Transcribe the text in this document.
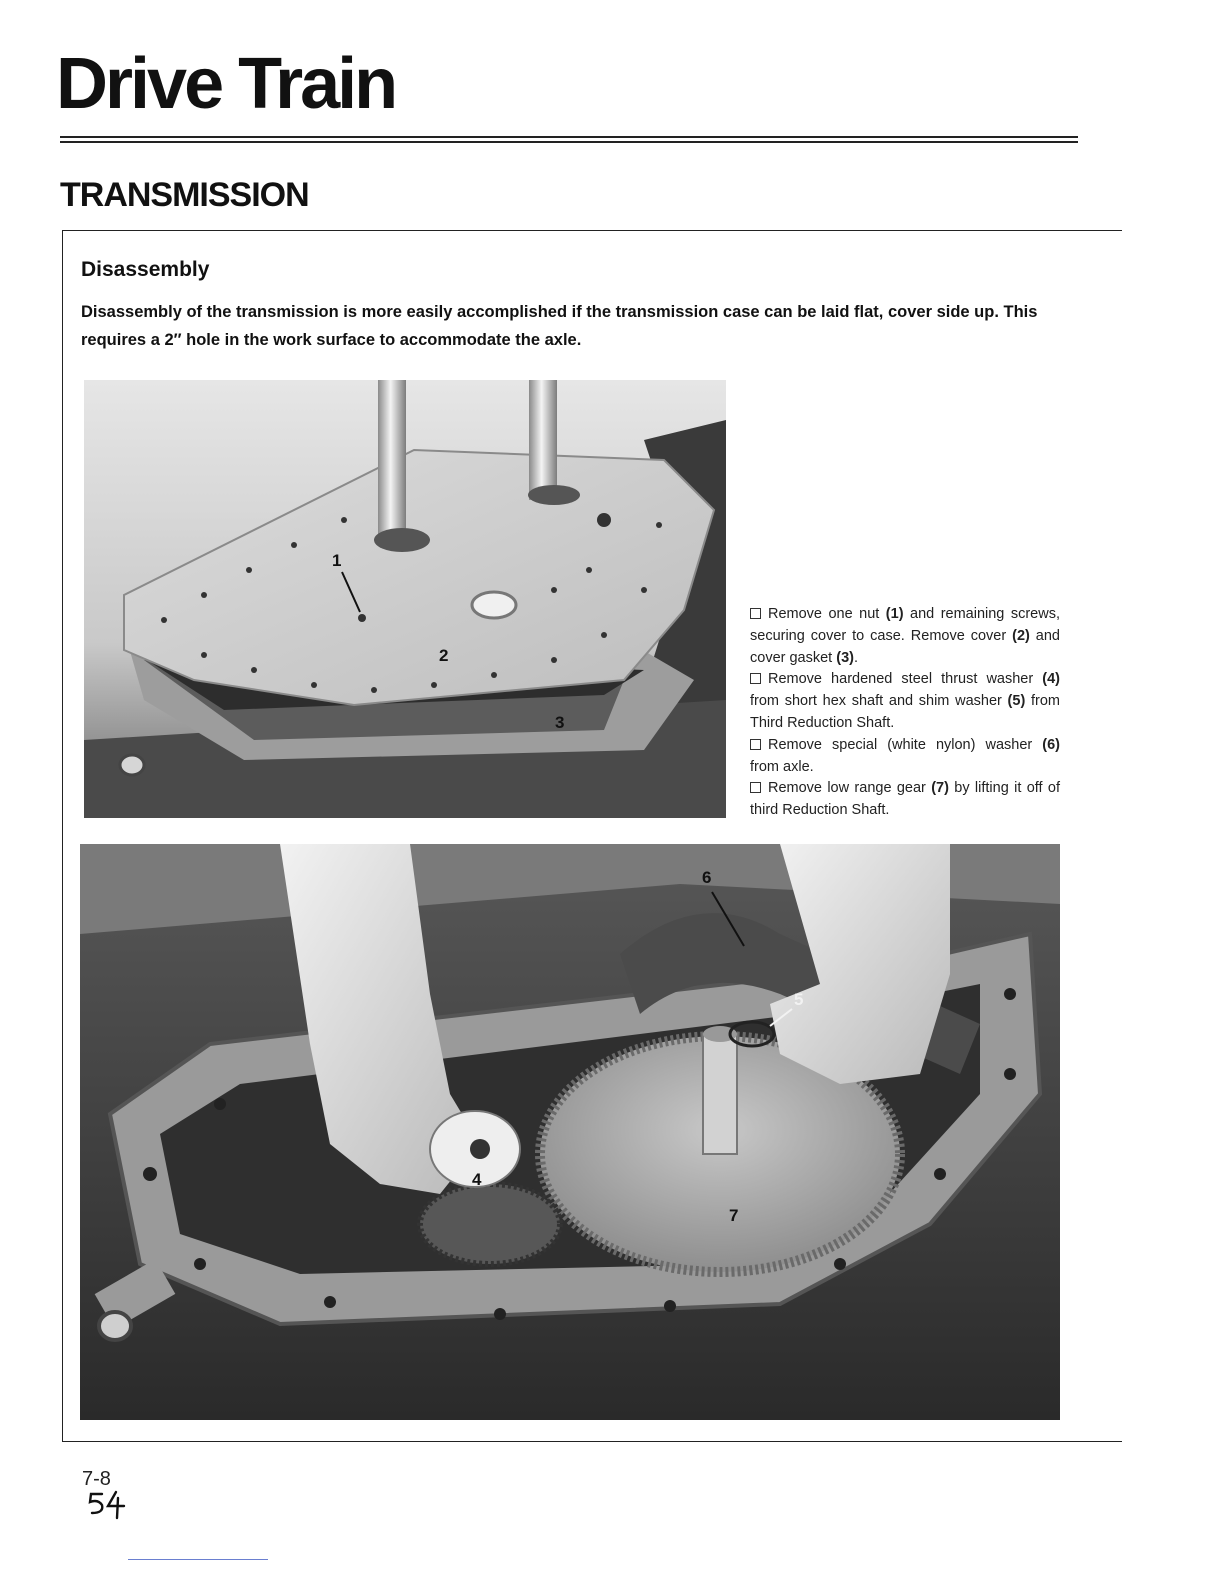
Drive Train
TRANSMISSION
Disassembly

Disassembly of the transmission is more easily accomplished if the transmission case can be laid flat, cover side up. This requires a 2″ hole in the work surface to accommodate the axle.

1
2
3
Remove one nut (1) and remaining screws, securing cover to case. Remove cover (2) and cover gasket (3).
Remove hardened steel thrust washer (4) from short hex shaft and shim washer (5) from Third Reduction Shaft.
Remove special (white nylon) washer (6) from axle.
Remove low range gear (7) by lifting it off of third Reduction Shaft.
6
5
4
7
7-8
